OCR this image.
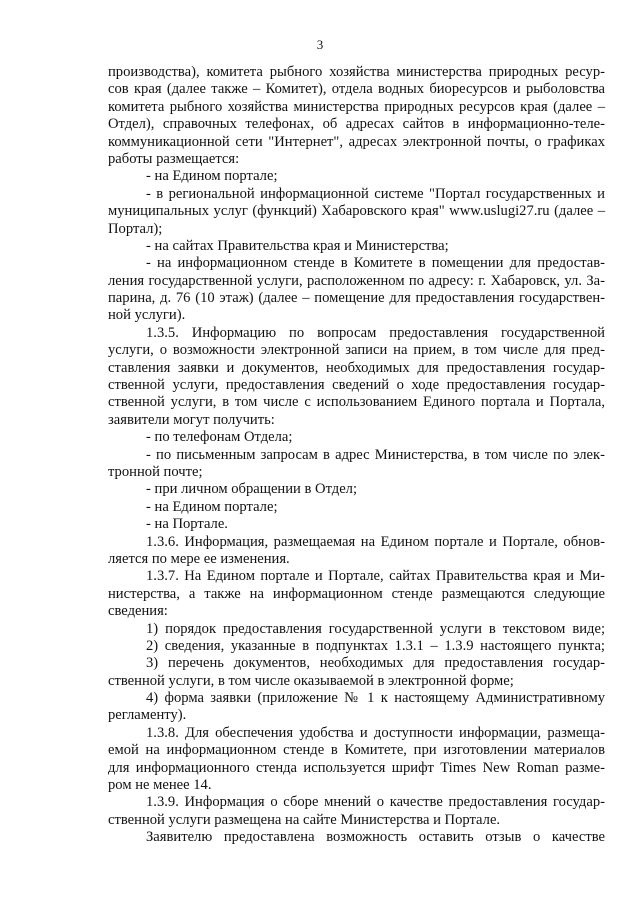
3
производства), комитета рыбного хозяйства министерства природных ресур-
сов края (далее также – Комитет), отдела водных биоресурсов и рыболовства
комитета рыбного хозяйства министерства природных ресурсов края (далее –
Отдел), справочных телефонах, об адресах сайтов в информационно-теле-
коммуникационной сети "Интернет", адресах электронной почты, о графиках
работы размещается:
- на Едином портале;
- в региональной информационной системе "Портал государственных и
муниципальных услуг (функций) Хабаровского края" www.uslugi27.ru (далее –
Портал);
- на сайтах Правительства края и Министерства;
- на информационном стенде в Комитете в помещении для предостав-
ления государственной услуги, расположенном по адресу: г. Хабаровск, ул. За-
парина, д. 76 (10 этаж) (далее – помещение для предоставления государствен-
ной услуги).
1.3.5. Информацию по вопросам предоставления государственной
услуги, о возможности электронной записи на прием, в том числе для пред-
ставления заявки и документов, необходимых для предоставления государ-
ственной услуги, предоставления сведений о ходе предоставления государ-
ственной услуги, в том числе с использованием Единого портала и Портала,
заявители могут получить:
- по телефонам Отдела;
- по письменным запросам в адрес Министерства, в том числе по элек-
тронной почте;
- при личном обращении в Отдел;
- на Едином портале;
- на Портале.
1.3.6. Информация, размещаемая на Едином портале и Портале, обнов-
ляется по мере ее изменения.
1.3.7. На Едином портале и Портале, сайтах Правительства края и Ми-
нистерства, а также на информационном стенде размещаются следующие
сведения:
1) порядок предоставления государственной услуги в текстовом виде;
2) сведения, указанные в подпунктах 1.3.1 – 1.3.9 настоящего пункта;
3) перечень документов, необходимых для предоставления государ-
ственной услуги, в том числе оказываемой в электронной форме;
4) форма заявки (приложение № 1 к настоящему Административному
регламенту).
1.3.8. Для обеспечения удобства и доступности информации, размеща-
емой на информационном стенде в Комитете, при изготовлении материалов
для информационного стенда используется шрифт Times New Roman разме-
ром не менее 14.
1.3.9. Информация о сборе мнений о качестве предоставления государ-
ственной услуги размещена на сайте Министерства и Портале.
Заявителю предоставлена возможность оставить отзыв о качестве
